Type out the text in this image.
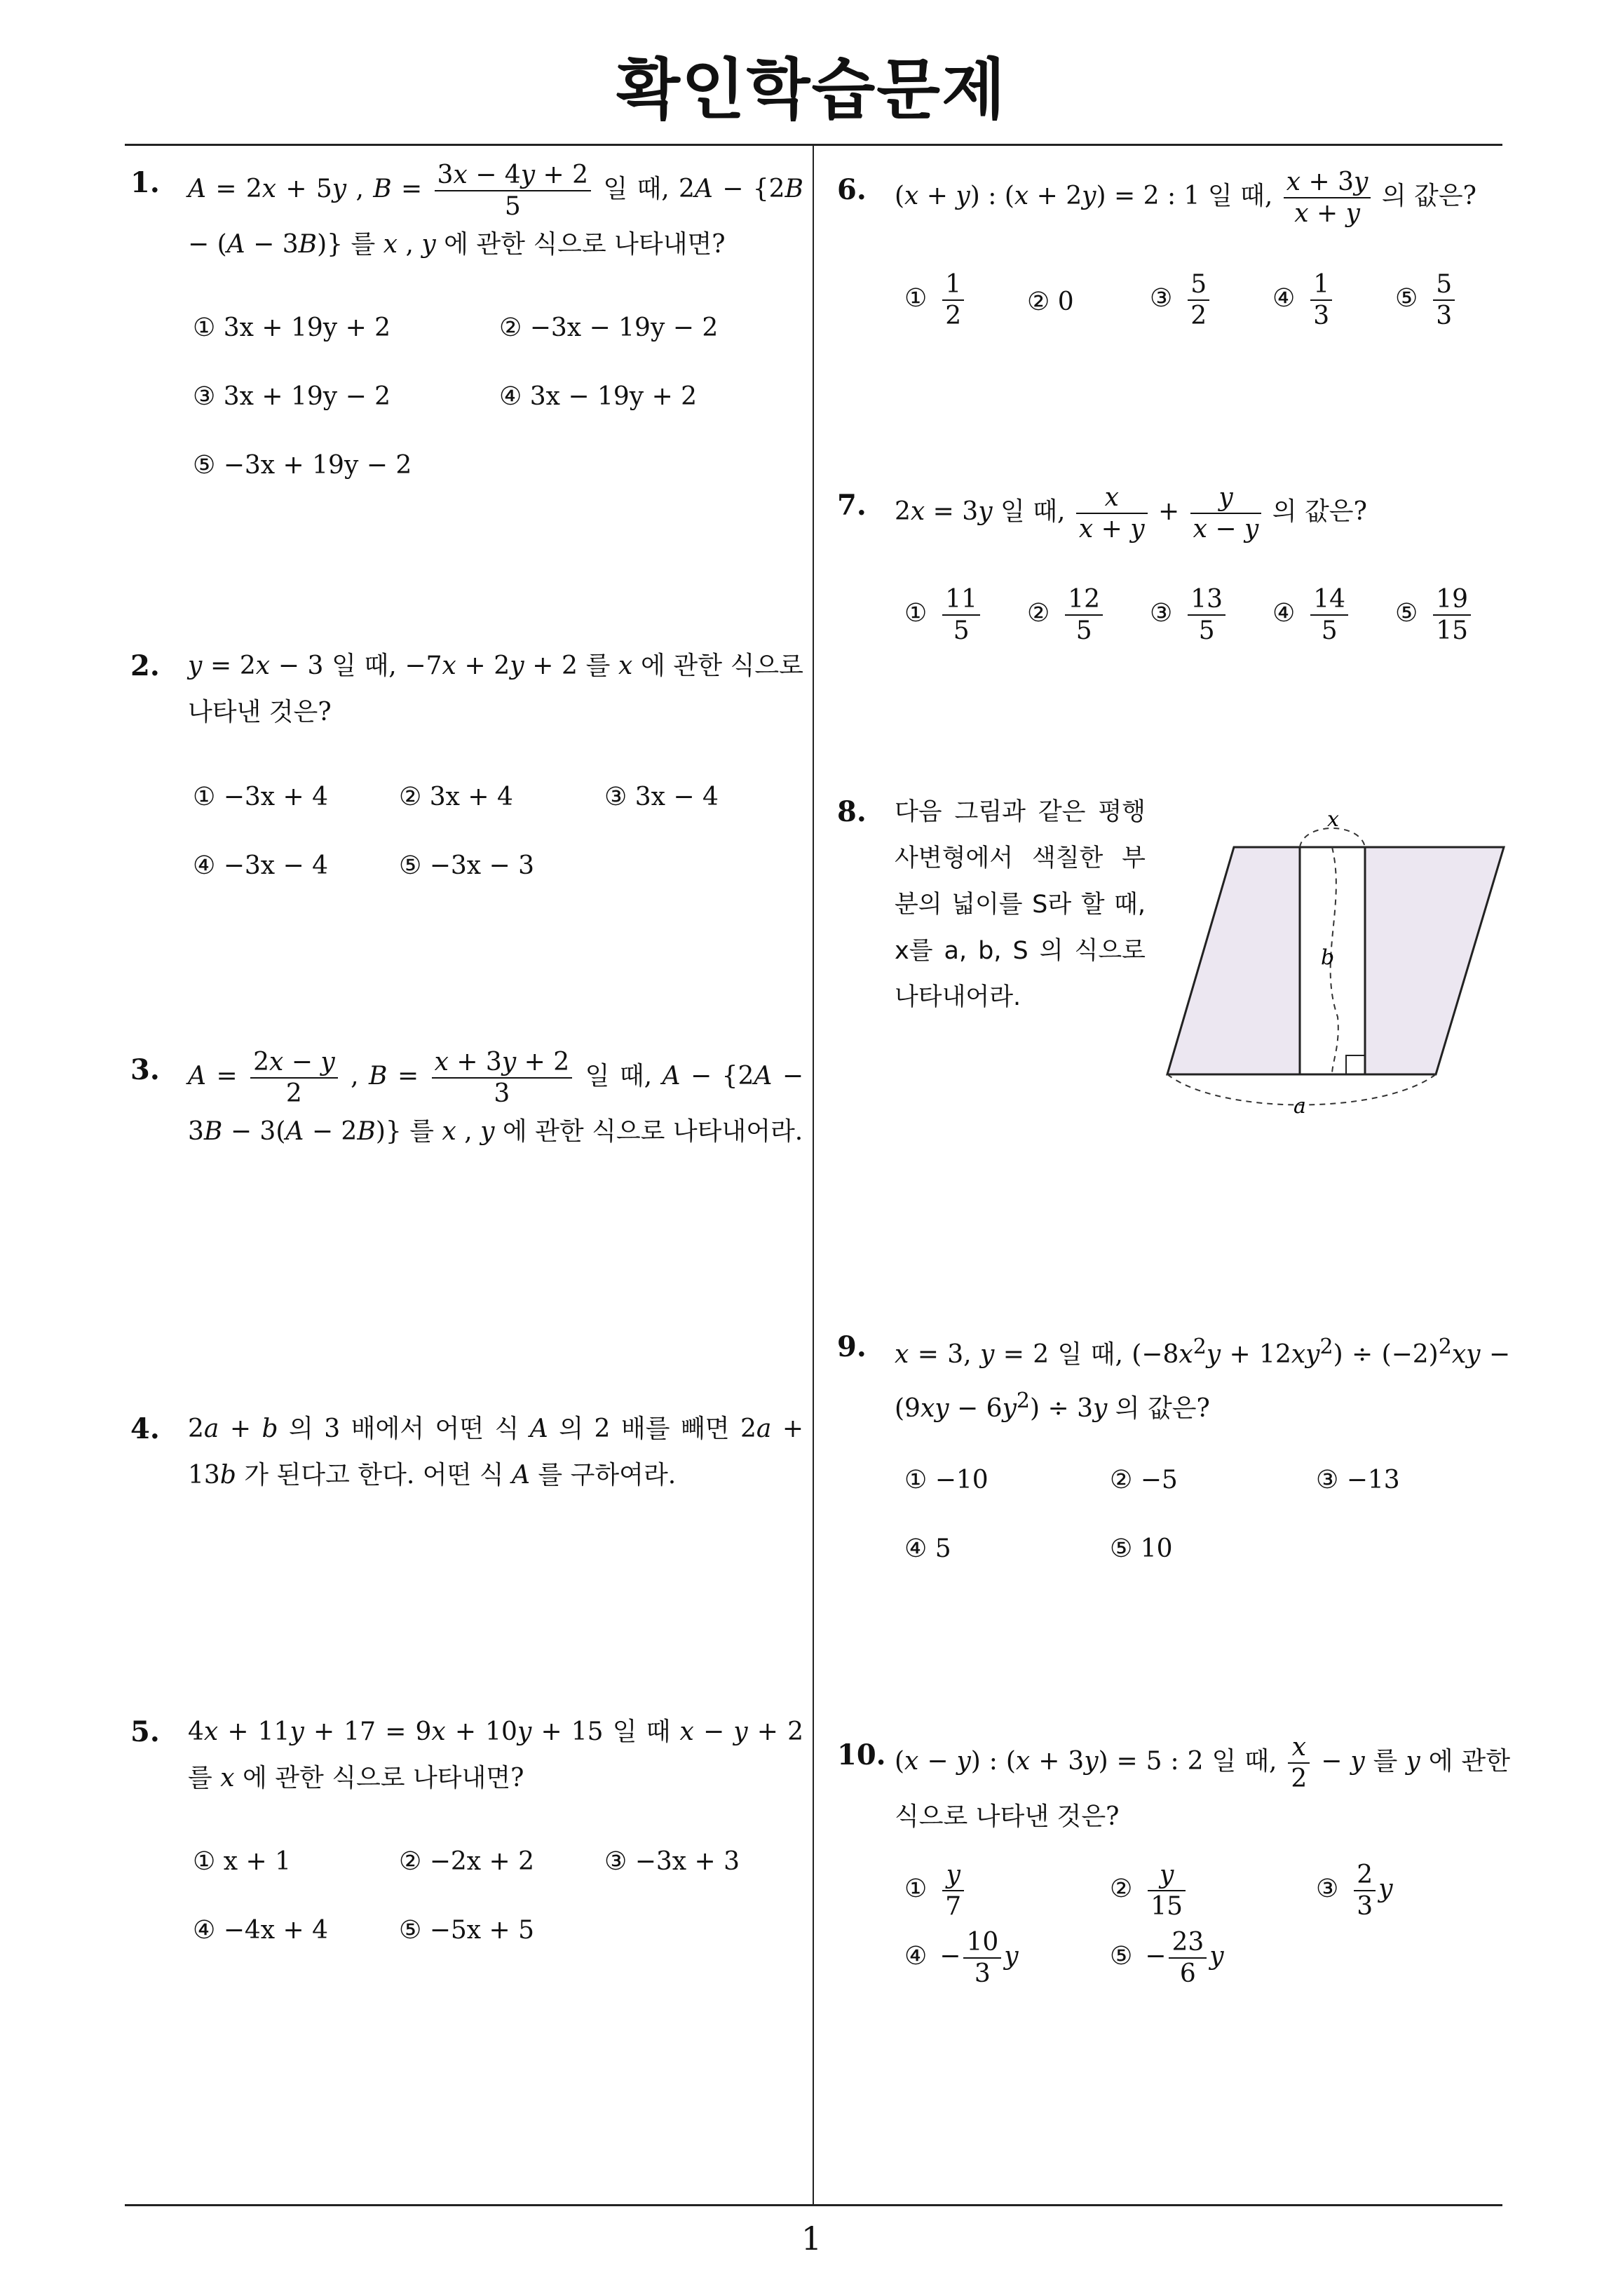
확인학습문제
1. A = 2x + 5y , $B = \frac{3x - 4y + 2}{5}$ 일 때, 2A − {2B − (A − 3B)} 를 x , y 에 관한 식으로 나타내면?
① 3x + 19y + 2	② −3x − 19y − 2
③ 3x + 19y − 2	④ 3x − 19y + 2
⑤ −3x + 19y − 2
2. y = 2x − 3 일 때, −7x + 2y + 2 를 x 에 관한 식으로 나타낸 것은?
① −3x + 4	② 3x + 4	③ 3x − 4
④ −3x − 4	⑤ −3x − 3
3. $A = \frac{2x - y}{2}$ , $B = \frac{x + 3y + 2}{3}$ 일 때, A − {2A − 3B − 3(A − 2B)} 를 x , y 에 관한 식으로 나타내어라.
4. 2a + b 의 3 배에서 어떤 식 A 의 2 배를 빼면 2a + 13b 가 된다고 한다. 어떤 식 A 를 구하여라.
5. 4x + 11y + 17 = 9x + 10y + 15 일 때 x − y + 2 를 x 에 관한 식으로 나타내면?
① x + 1	② −2x + 2	③ −3x + 3
④ −4x + 4	⑤ −5x + 5
6. (x + y) : (x + 2y) = 2 : 1 일 때, $\frac{x + 3y}{x + y}$ 의 값은?
① $\frac{1}{2}$ ② 0	③ $\frac{5}{2}$ ④ $\frac{1}{3}$ ⑤ $\frac{5}{3}$
7. 2x = 3y 일 때, $\frac{x}{x + y} + \frac{y}{x - y}$ 의 값은?
① $\frac{11}{5}$ ② $\frac{12}{5}$ ③ $\frac{13}{5}$ ④ $\frac{14}{5}$ ⑤ $\frac{19}{15}$
8. 다음 그림과 같은 평행사변형에서 색칠한 부분의 넓이를 S라 할 때, x를 a, b, S 의 식으로 나타내어라.
x
b
a
9. x = 3, y = 2 일 때, $(-8x^2y + 12xy^2) \div (-2)^2xy - (9xy - 6y^2) \div 3y$ 의 값은?
① −10	② −5	③ −13
④ 5	⑤ 10
10. (x − y) : (x + 3y) = 5 : 2 일 때, $\frac{x}{2} - y$ 를 y 에 관한 식으로 나타낸 것은?
① $\frac{y}{7}$	② $\frac{y}{15}$	③ $\frac{2}{3}$ y
④ − $\frac{10}{3}$ y	⑤ − $\frac{23}{6}$ y
1
